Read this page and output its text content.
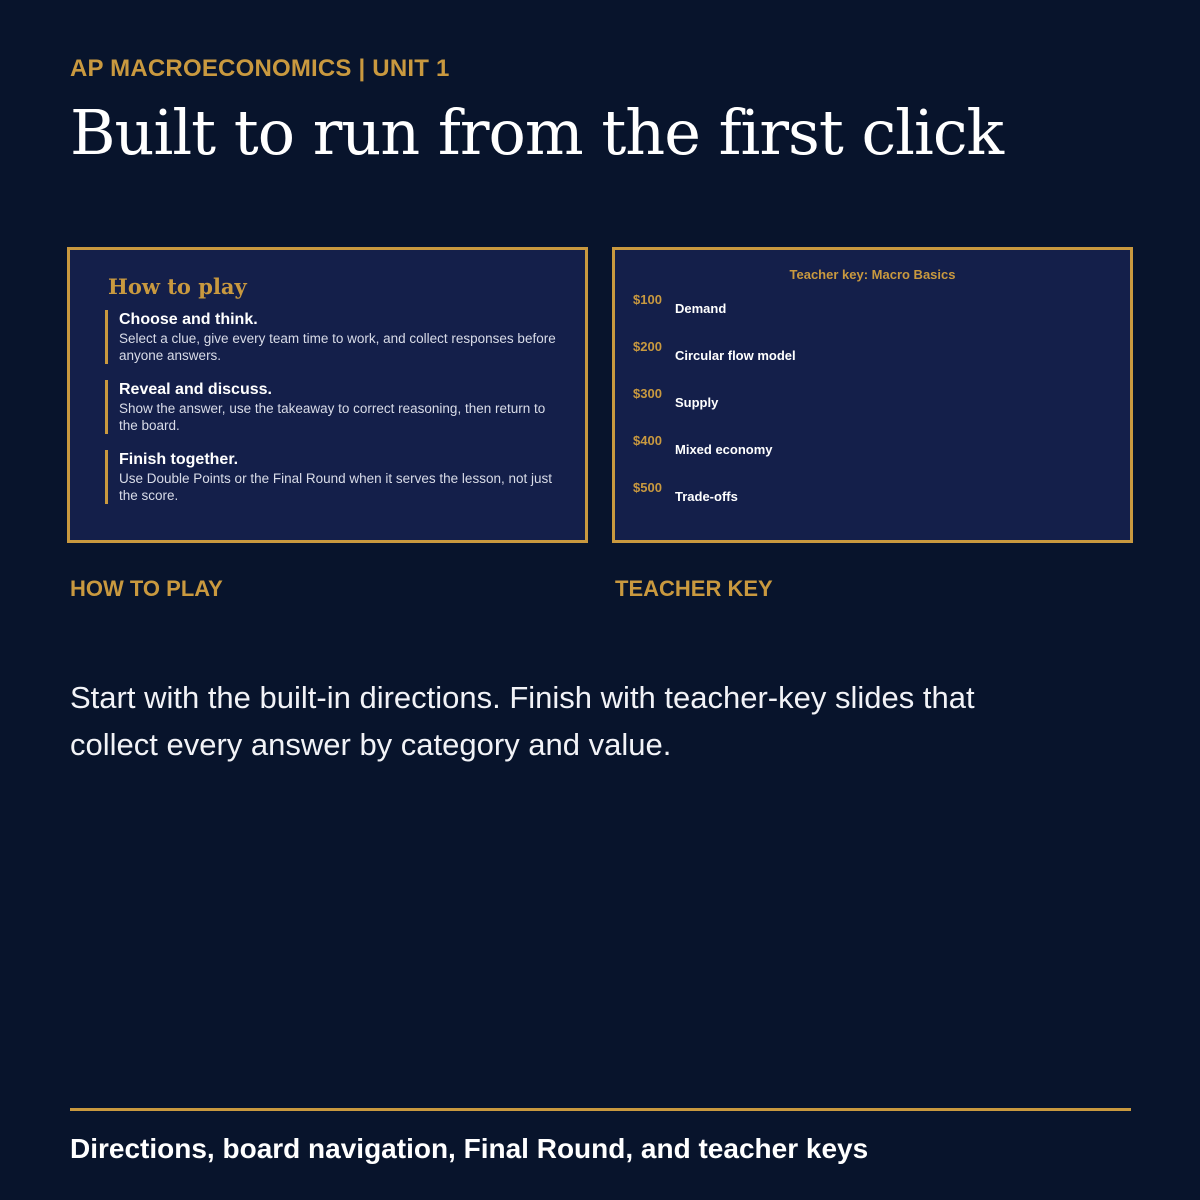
AP MACROECONOMICS | UNIT 1
Built to run from the first click
How to play
Choose and think.
Select a clue, give every team time to work, and collect responses before anyone answers.
Reveal and discuss.
Show the answer, use the takeaway to correct reasoning, then return to the board.
Finish together.
Use Double Points or the Final Round when it serves the lesson, not just the score.
Teacher key: Macro Basics
$100
Demand
$200
Circular flow model
$300
Supply
$400
Mixed economy
$500
Trade-offs
HOW TO PLAY	TEACHER KEY

Start with the built-in directions. Finish with teacher-key slides that collect every answer by category and value.

Directions, board navigation, Final Round, and teacher keys
